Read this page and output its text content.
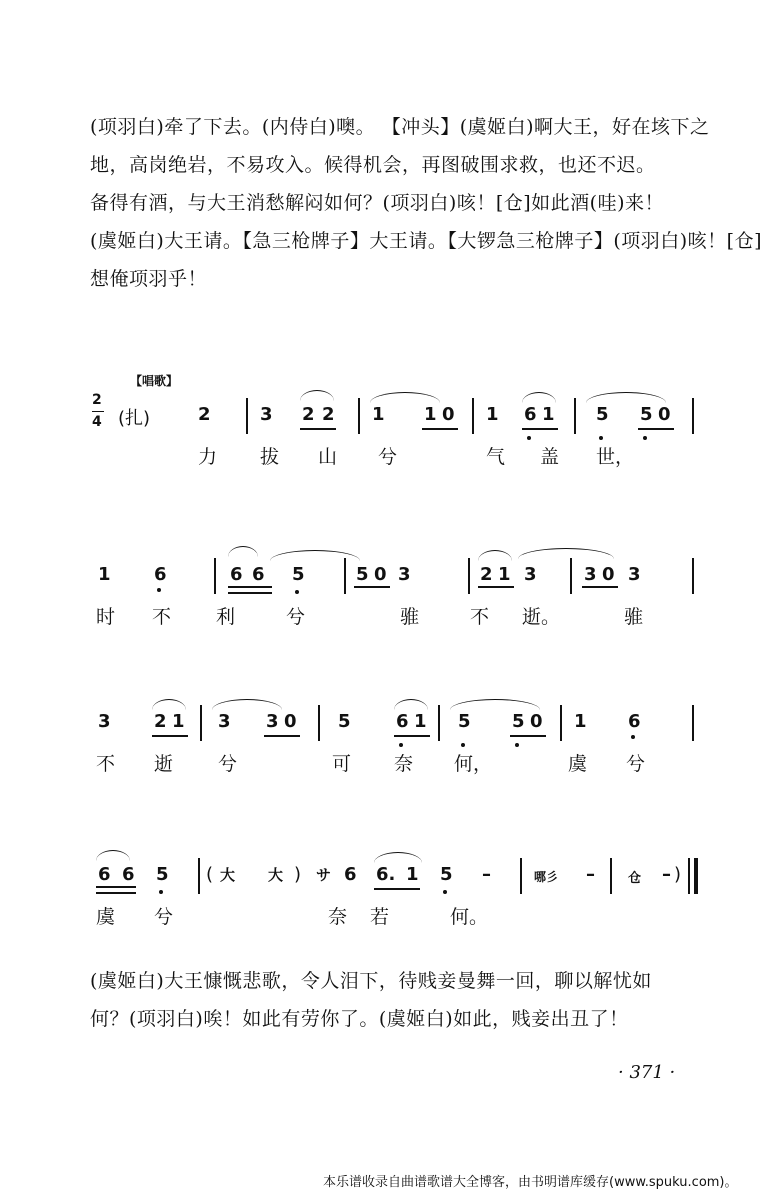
(项羽白)牵了下去。(内侍白)噢。 【冲头】(虞姬白)啊大王，好在垓下之
地，高岗绝岩，不易攻入。候得机会，再图破围求救，也还不迟。
备得有酒，与大王消愁解闷如何？(项羽白)咳！[仓]如此酒(哇)来！
(虞姬白)大王请。【急三枪牌子】大王请。【大锣急三枪牌子】(项羽白)咳！[仓]
想俺项羽乎！
【唱歌】
2
4 (扎)	2	3 2 2 1 1 0 1 6 1 5 5 0
力 拔 山 兮	气 盖 世，
1 6	6 6 5	5 0 3	2 1 3	3 0 3
时 不 利	兮	骓	不 逝。	骓
3 2 1 3 3 0 5	6 1 5 5 0 1 6
不 逝 兮	可 奈 何，	虞 兮
6 6 5 ( 大 大 ) サ 6 6. 1 5 –	哪彡 –	仓 – )
虞 兮	奈 若	何。
(虞姬白)大王慷慨悲歌，令人泪下，待贱妾曼舞一回，聊以解忧如
何？(项羽白)唉！如此有劳你了。(虞姬白)如此，贱妾出丑了！
· 371 ·
本乐谱收录自曲谱歌谱大全博客，由书明谱库缓存(www.spuku.com)。
